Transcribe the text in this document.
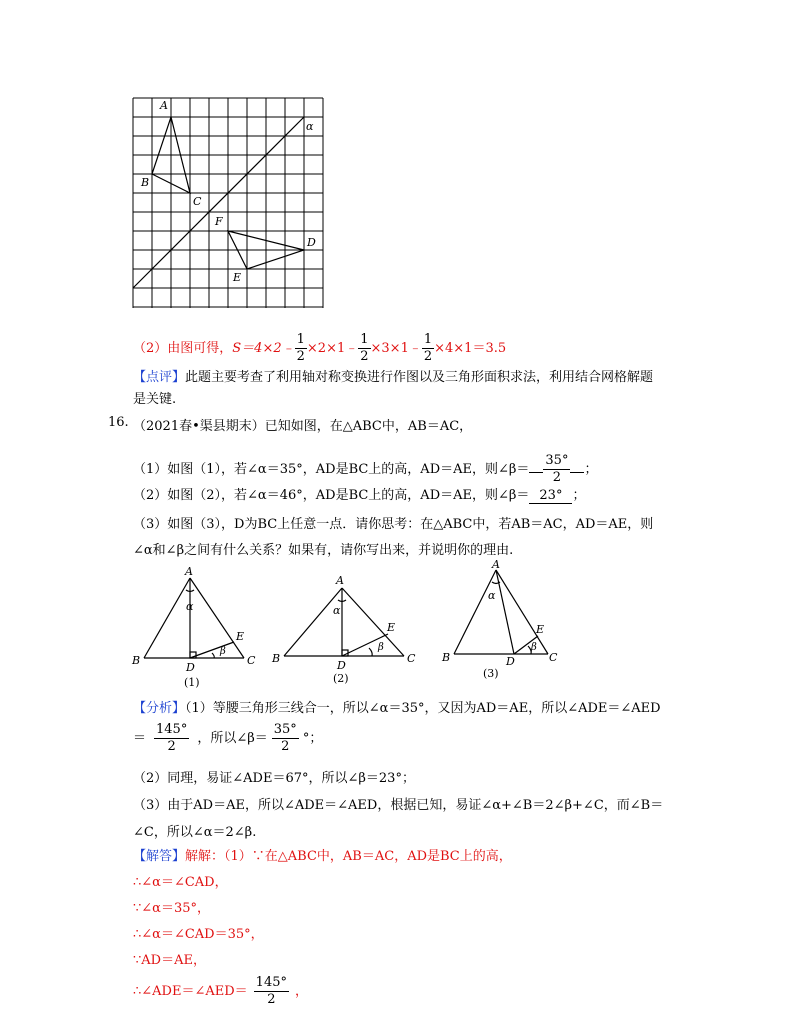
A
B
C
F
D
E
α
（2）由图可得，S＝4×2﹣ $\frac{1}{2}$ ×2×1﹣ $\frac{1}{2}$ ×3×1﹣ $\frac{1}{2} \times 4\times 1=3.5$
【点评】此题主要考查了利用轴对称变换进行作图以及三角形面积求法，利用结合网格解题
是关键.
16. （2021春•渠县期末）已知如图，在△ABC中，AB＝AC，
（1）如图（1），若∠α＝35°，AD是BC上的高，AD＝AE，则∠β＝ $\frac{35^\circ}{2}$ ；
（2）如图（2），若∠α＝46°，AD是BC上的高，AD＝AE，则∠β＝ 23° ；
（3）如图（3），D为BC上任意一点．请你思考：在△ABC中，若AB＝AC，AD＝AE，则
∠α和∠β之间有什么关系？如果有，请你写出来，并说明你的理由.
A
B	C
D
E
α
β
(1)
A
B	C
D
E
α
β
(2)
A
B	C
D
E
α
β
(3)
【分析】（1）等腰三角形三线合一，所以∠α＝35°，又因为AD＝AE，所以∠ADE＝∠AED
＝ $\frac{145^\circ}{2}$ ，所以∠β＝ $\frac{35^\circ}{2}$ °；
（2）同理，易证∠ADE＝67°，所以∠β＝23°；
（3）由于AD＝AE，所以∠ADE＝∠AED，根据已知，易证∠α+∠B＝2∠β+∠C，而∠B＝
∠C，所以∠α＝2∠β.
【解答】解解：（1）∵在△ABC中，AB＝AC，AD是BC上的高，
∴∠α＝∠CAD，
∵∠α＝35°，
∴∠α＝∠CAD＝35°，
∵AD＝AE，
∴∠ADE＝∠AED＝ $\frac{145^\circ}{2}$ ，
